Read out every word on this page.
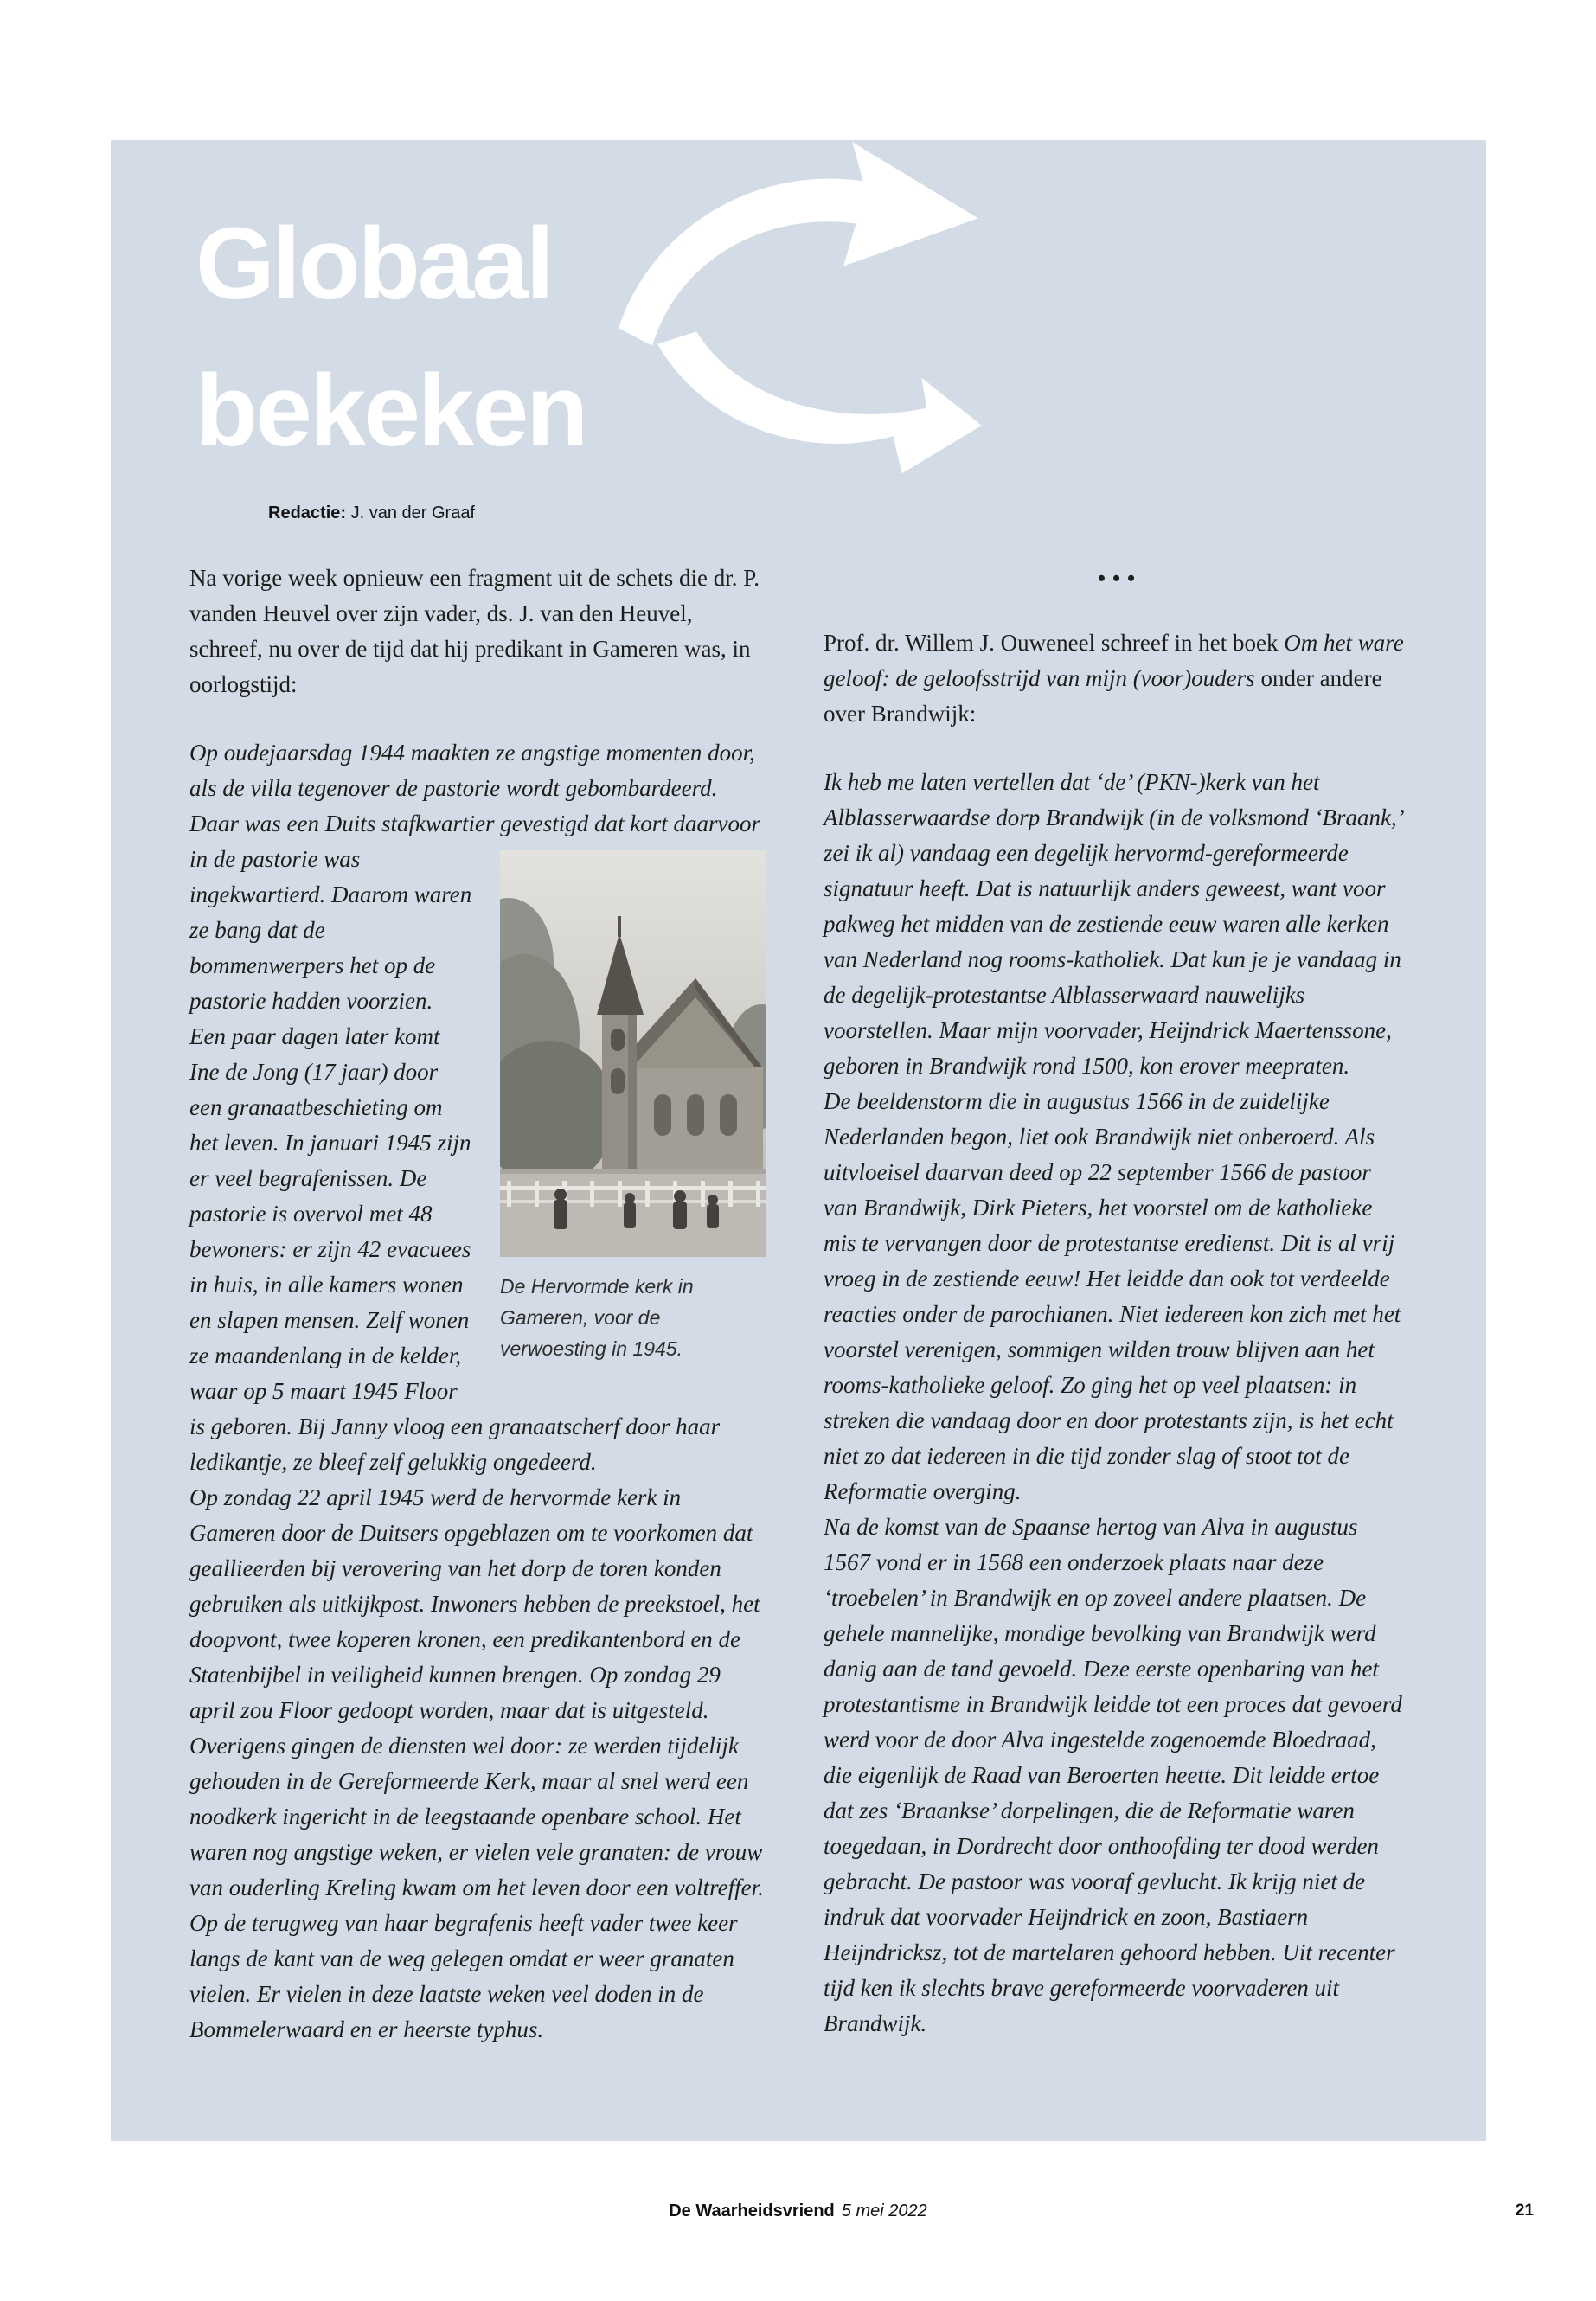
Globaal
bekeken
Redactie: J. van der Graaf

Na vorige week opnieuw een fragment uit de schets die dr. P. vanden Heuvel over zijn vader, ds. J. van den Heuvel, schreef, nu over de tijd dat hij predikant in Gameren was, in oorlogstijd:

Op oudejaarsdag 1944 maakten ze angstige momenten door, als de villa tegenover de pastorie wordt gebombardeerd. Daar was een Duits stafkwartier gevestigd dat
De Hervormde kerk in Gameren, voor de verwoesting in 1945.
kort daarvoor in de pastorie was ingekwartierd. Daarom waren ze bang dat de bommenwerpers het op de pastorie hadden voorzien. Een paar dagen later komt Ine de Jong (17 jaar) door een granaatbeschieting om het leven. In januari 1945 zijn er veel begrafenissen. De pastorie is overvol met 48 bewoners: er zijn 42 evacuees in huis, in alle kamers wonen en slapen mensen. Zelf wonen ze maandenlang in de kelder, waar op 5 maart 1945 Floor is geboren. Bij Janny vloog een granaatscherf door haar ledikantje, ze bleef zelf gelukkig ongedeerd.

Op zondag 22 april 1945 werd de hervormde kerk in Gameren door de Duitsers opgeblazen om te voorkomen dat geallieerden bij verovering van het dorp de toren konden gebruiken als uitkijkpost. Inwoners hebben de preekstoel, het doopvont, twee koperen kronen, een predikantenbord en de Statenbijbel in veiligheid kunnen brengen. Op zondag 29 april zou Floor gedoopt worden, maar dat is uitgesteld. Overigens gingen de diensten wel door: ze werden tijdelijk gehouden in de Gereformeerde Kerk, maar al snel werd een noodkerk ingericht in de leegstaande openbare school. Het waren nog angstige weken, er vielen vele granaten: de vrouw van ouderling Kreling kwam om het leven door een voltreffer. Op de terugweg van haar begrafenis heeft vader twee keer langs de kant van de weg gelegen omdat er weer granaten vielen. Er vielen in deze laatste weken veel doden in de Bommelerwaard en er heerste typhus.

•••

Prof. dr. Willem J. Ouweneel schreef in het boek Om het ware geloof: de geloofsstrijd van mijn (voor)ouders onder andere over Brandwijk:

Ik heb me laten vertellen dat ‘de’ (PKN-)kerk van het Alblasserwaardse dorp Brandwijk (in de volksmond ‘Braank,’ zei ik al) vandaag een degelijk hervormd-gereformeerde signatuur heeft. Dat is natuurlijk anders geweest, want voor pakweg het midden van de zestiende eeuw waren alle kerken van Nederland nog rooms-katholiek. Dat kun je je vandaag in de degelijk-protestantse Alblasserwaard nauwelijks voorstellen. Maar mijn voorvader, Heijndrick Maertenssone, geboren in Brandwijk rond 1500, kon erover meepraten.

De beeldenstorm die in augustus 1566 in de zuidelijke Nederlanden begon, liet ook Brandwijk niet onberoerd. Als uitvloeisel daarvan deed op 22 september 1566 de pastoor van Brandwijk, Dirk Pieters, het voorstel om de katholieke mis te vervangen door de protestantse eredienst. Dit is al vrij vroeg in de zestiende eeuw! Het leidde dan ook tot verdeelde reacties onder de parochianen. Niet iedereen kon zich met het voorstel verenigen, sommigen wilden trouw blijven aan het rooms-katholieke geloof. Zo ging het op veel plaatsen: in streken die vandaag door en door protestants zijn, is het echt niet zo dat iedereen in die tijd zonder slag of stoot tot de Reformatie overging.

Na de komst van de Spaanse hertog van Alva in augustus 1567 vond er in 1568 een onderzoek plaats naar deze ‘troebelen’ in Brandwijk en op zoveel andere plaatsen. De gehele mannelijke, mondige bevolking van Brandwijk werd danig aan de tand gevoeld. Deze eerste openbaring van het protestantisme in Brandwijk leidde tot een proces dat gevoerd werd voor de door Alva ingestelde zogenoemde Bloedraad, die eigenlijk de Raad van Beroerten heette. Dit leidde ertoe dat zes ‘Braankse’ dorpelingen, die de Reformatie waren toegedaan, in Dordrecht door onthoofding ter dood werden gebracht. De pastoor was vooraf gevlucht. Ik krijg niet de indruk dat voorvader Heijndrick en zoon, Bastiaern Heijndricksz, tot de martelaren gehoord hebben. Uit recenter tijd ken ik slechts brave gereformeerde voorvaderen uit Brandwijk.

De Waarheidsvriend 5 mei 2022	21
